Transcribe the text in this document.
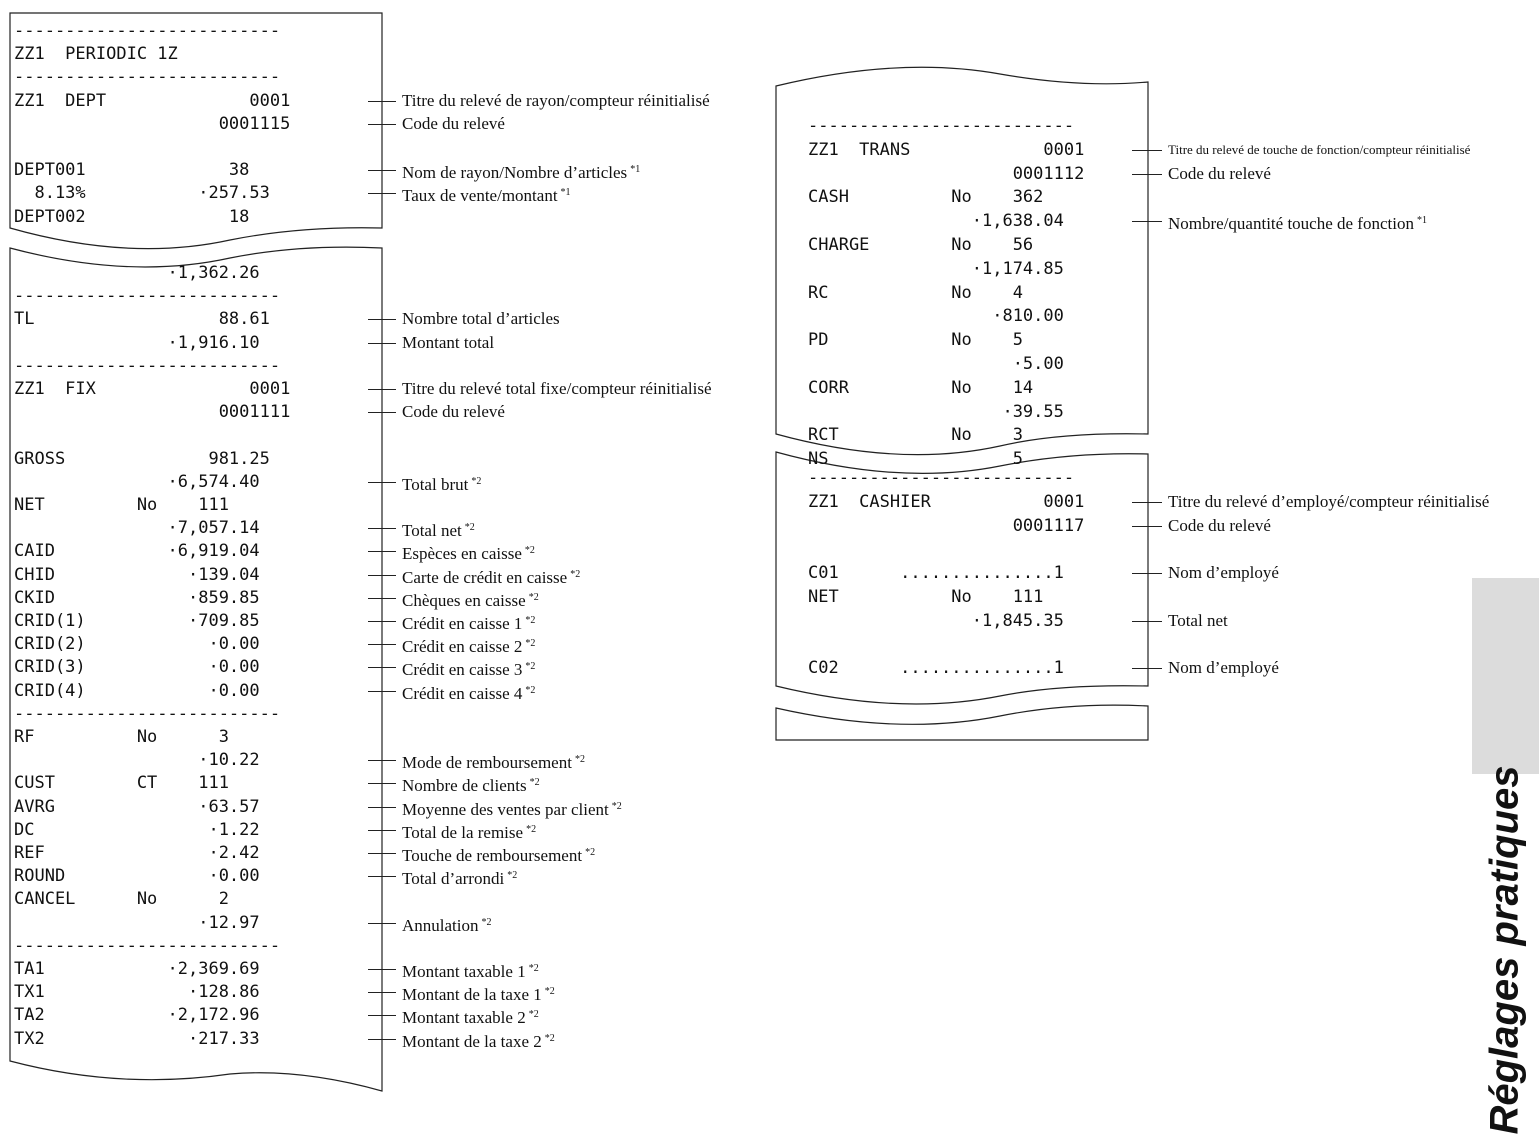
--------------------------
ZZ1  PERIODIC 1Z
--------------------------
ZZ1  DEPT              0001	Titre du relevé de rayon/compteur réinitialisé
0001115	Code du relevé
DEPT001              38	Nom de rayon/Nombre d’articles $^{*1}$
8.13%           ·257.53	Taux de vente/montant $^{*1}$
DEPT002              18
·1,362.26
--------------------------
TL                  88.61	Nombre total d’articles
·1,916.10	Montant total
--------------------------
ZZ1  FIX               0001	Titre du relevé total fixe/compteur réinitialisé
0001111	Code du relevé
GROSS              981.25
·6,574.40	Total brut $^{*2}$
NET         No    111
·7,057.14	Total net $^{*2}$
CAID           ·6,919.04	Espèces en caisse $^{*2}$
CHID             ·139.04	Carte de crédit en caisse $^{*2}$
CKID             ·859.85	Chèques en caisse $^{*2}$
CRID(1)          ·709.85	Crédit en caisse 1 $^{*2}$
CRID(2)            ·0.00	Crédit en caisse 2 $^{*2}$
CRID(3)            ·0.00	Crédit en caisse 3 $^{*2}$
CRID(4)            ·0.00	Crédit en caisse 4 $^{*2}$
--------------------------
RF          No      3
·10.22	Mode de remboursement $^{*2}$
CUST        CT    111	Nombre de clients $^{*2}$
AVRG              ·63.57	Moyenne des ventes par client $^{*2}$
DC                 ·1.22	Total de la remise $^{*2}$
REF                ·2.42	Touche de remboursement $^{*2}$
ROUND              ·0.00	Total d’arrondi $^{*2}$
CANCEL      No      2
·12.97	Annulation $^{*2}$
--------------------------
TA1            ·2,369.69	Montant taxable 1 $^{*2}$
TX1              ·128.86	Montant de la taxe 1 $^{*2}$
TA2            ·2,172.96	Montant taxable 2 $^{*2}$
TX2              ·217.33	Montant de la taxe 2 $^{*2}$
--------------------------
ZZ1  TRANS             0001	Titre du relevé de touche de fonction/compteur réinitialisé
0001112	Code du relevé
CASH          No    362
·1,638.04	Nombre/quantité touche de fonction $^{*1}$
CHARGE        No    56
·1,174.85
RC            No    4
·810.00
PD            No    5
·5.00
CORR          No    14
·39.55
RCT           No    3
NS                  5
--------------------------
ZZ1  CASHIER           0001	Titre du relevé d’employé/compteur réinitialisé
0001117	Code du relevé
C01      ...............1	Nom d’employé
NET           No    111
·1,845.35	Total net
C02      ...............1	Nom d’employé
Réglages pratiques
